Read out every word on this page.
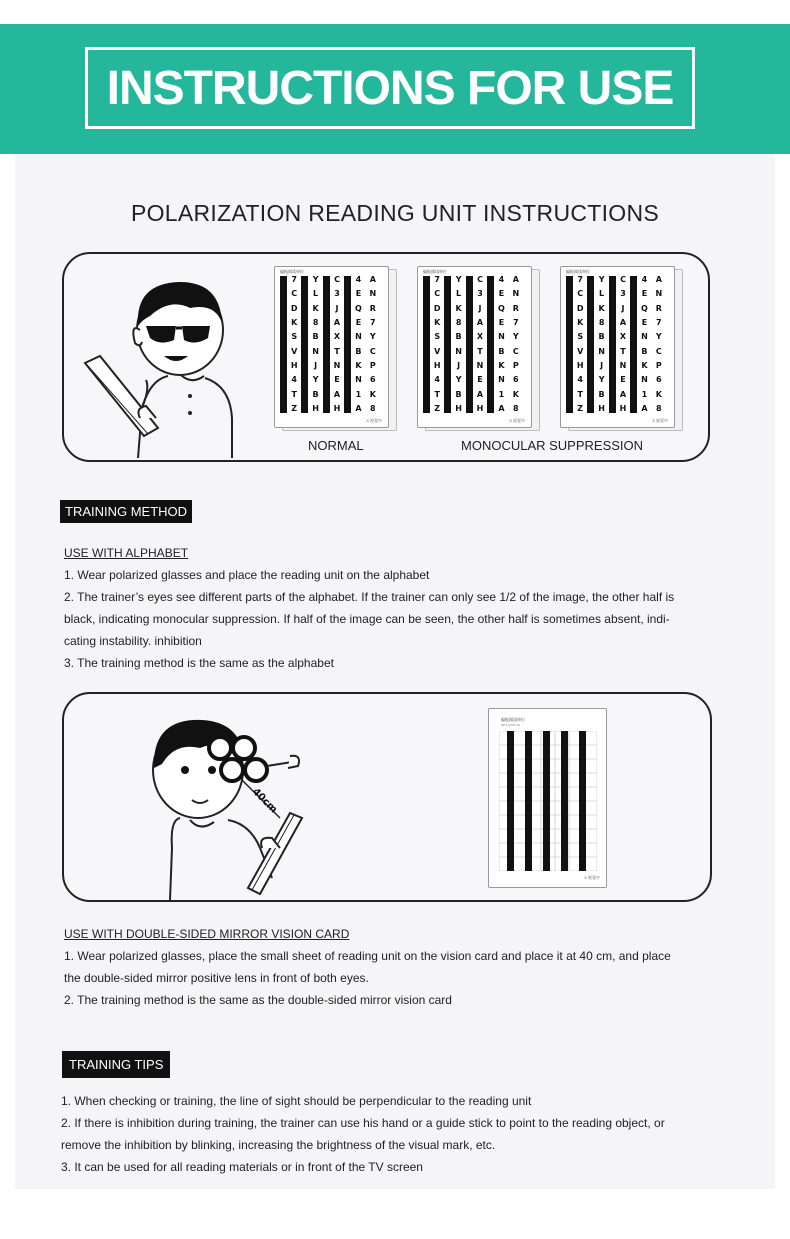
INSTRUCTIONS FOR USE
POLARIZATION READING UNIT INSTRUCTIONS
偏振阅读单位
7
C
D
K
S
V
H
4
T
Z
Y
L
K
8
B
N
J
Y
B
H
C
3
J
A
X
T
N
E
A
H
4
E
Q
E
N
B
K
N
1
A
A
N
R
7
Y
C
P
6
K
8
X 视觉中
偏振阅读单位
7
C
D
K
S
V
H
4
T
Z
Y
L
K
8
B
N
J
Y
B
H
C
3
J
A
X
T
N
E
A
H
4
E
Q
E
N
B
K
N
1
A
A
N
R
7
Y
C
P
6
K
8
X 视觉中
偏振阅读单位
7
C
D
K
S
V
H
4
T
Z
Y
L
K
8
B
N
J
Y
B
H
C
3
J
A
X
T
N
E
A
H
4
E
Q
E
N
B
K
N
1
A
A
N
R
7
Y
C
P
6
K
8
X 视觉中
NORMAL	MONOCULAR SUPPRESSION
TRAINING METHOD
USE WITH ALPHABET
1. Wear polarized glasses and place the reading unit on the alphabet
2. The trainer’s eyes see different parts of the alphabet. If the trainer can only see 1/2 of the image, the other half is
black, indicating monocular suppression. If half of the image can be seen, the other half is sometimes absent, indi-
cating instability. inhibition
3. The training method is the same as the alphabet
40cm
偏振阅读单位
OPT-AAST-10
X 视觉中
USE WITH DOUBLE-SIDED MIRROR VISION CARD
1. Wear polarized glasses, place the small sheet of reading unit on the vision card and place it at 40 cm, and place
the double-sided mirror positive lens in front of both eyes.
2. The training method is the same as the double-sided mirror vision card
TRAINING TIPS
1. When checking or training, the line of sight should be perpendicular to the reading unit
2. If there is inhibition during training, the trainer can use his hand or a guide stick to point to the reading object, or
remove the inhibition by blinking, increasing the brightness of the visual mark, etc.
3. It can be used for all reading materials or in front of the TV screen
